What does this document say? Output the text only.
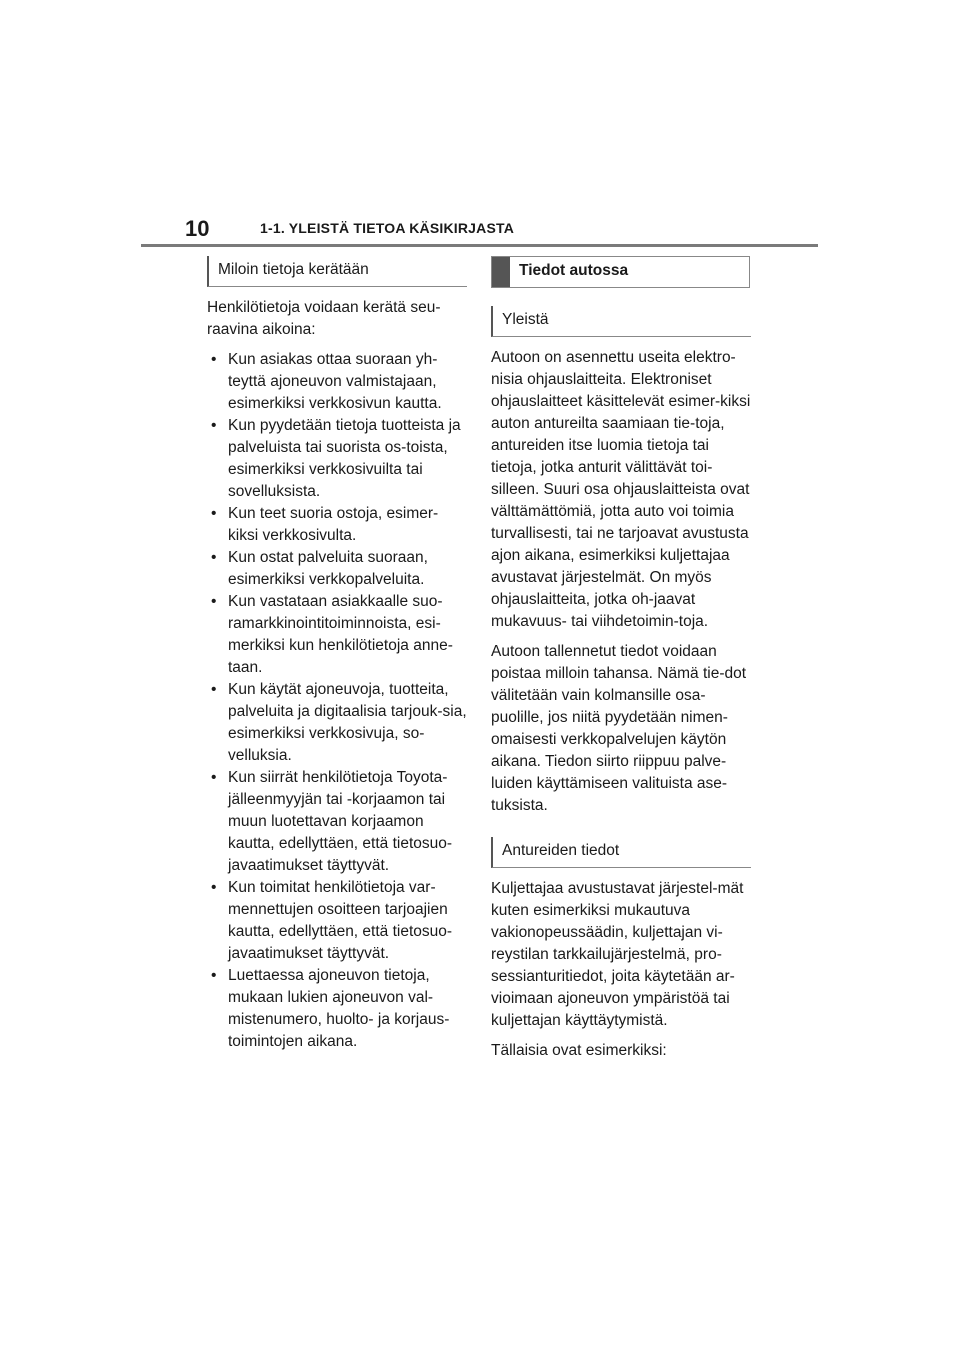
10	1-1. YLEISTÄ TIETOA KÄSIKIRJASTA
Miloin tietoja kerätään

Henkilötietoja voidaan kerätä seu-raavina aikoina:

• Kun asiakas ottaa suoraan yh-teyttä ajoneuvon valmistajaan, esimerkiksi verkkosivun kautta.
• Kun pyydetään tietoja tuotteista ja palveluista tai suorista os-toista, esimerkiksi verkkosivuilta tai sovelluksista.
• Kun teet suoria ostoja, esimer-kiksi verkkosivulta.
• Kun ostat palveluita suoraan, esimerkiksi verkkopalveluita.
• Kun vastataan asiakkaalle suo-ramarkkinointitoiminnoista, esi-merkiksi kun henkilötietoja anne-taan.
• Kun käytät ajoneuvoja, tuotteita, palveluita ja digitaalisia tarjouk-sia, esimerkiksi verkkosivuja, so-velluksia.
• Kun siirrät henkilötietoja Toyota-jälleenmyyjän tai -korjaamon tai muun luotettavan korjaamon kautta, edellyttäen, että tietosuo-javaatimukset täyttyvät.
• Kun toimitat henkilötietoja var-mennettujen osoitteen tarjoajien kautta, edellyttäen, että tietosuo-javaatimukset täyttyvät.
• Luettaessa ajoneuvon tietoja, mukaan lukien ajoneuvon val-mistenumero, huolto- ja korjaus-toimintojen aikana.
Tiedot autossa
Yleistä

Autoon on asennettu useita elektro-nisia ohjauslaitteita. Elektroniset ohjauslaitteet käsittelevät esimer-kiksi auton antureilta saamiaan tie-toja, antureiden itse luomia tietoja tai tietoja, jotka anturit välittävät toi-silleen. Suuri osa ohjauslaitteista ovat välttämättömiä, jotta auto voi toimia turvallisesti, tai ne tarjoavat avustusta ajon aikana, esimerkiksi kuljettajaa avustavat järjestelmät. On myös ohjauslaitteita, jotka oh-jaavat mukavuus- tai viihdetoimin-toja.

Autoon tallennetut tiedot voidaan poistaa milloin tahansa. Nämä tie-dot välitetään vain kolmansille osa-puolille, jos niitä pyydetään nimen-omaisesti verkkopalvelujen käytön aikana. Tiedon siirto riippuu palve-luiden käyttämiseen valituista ase-tuksista.

Antureiden tiedot

Kuljettajaa avustustavat järjestel-mät kuten esimerkiksi mukautuva vakionopeussäädin, kuljettajan vi-reystilan tarkkailujärjestelmä, pro-sessianturitiedot, joita käytetään ar-vioimaan ajoneuvon ympäristöä tai kuljettajan käyttäytymistä.

Tällaisia ovat esimerkiksi:
